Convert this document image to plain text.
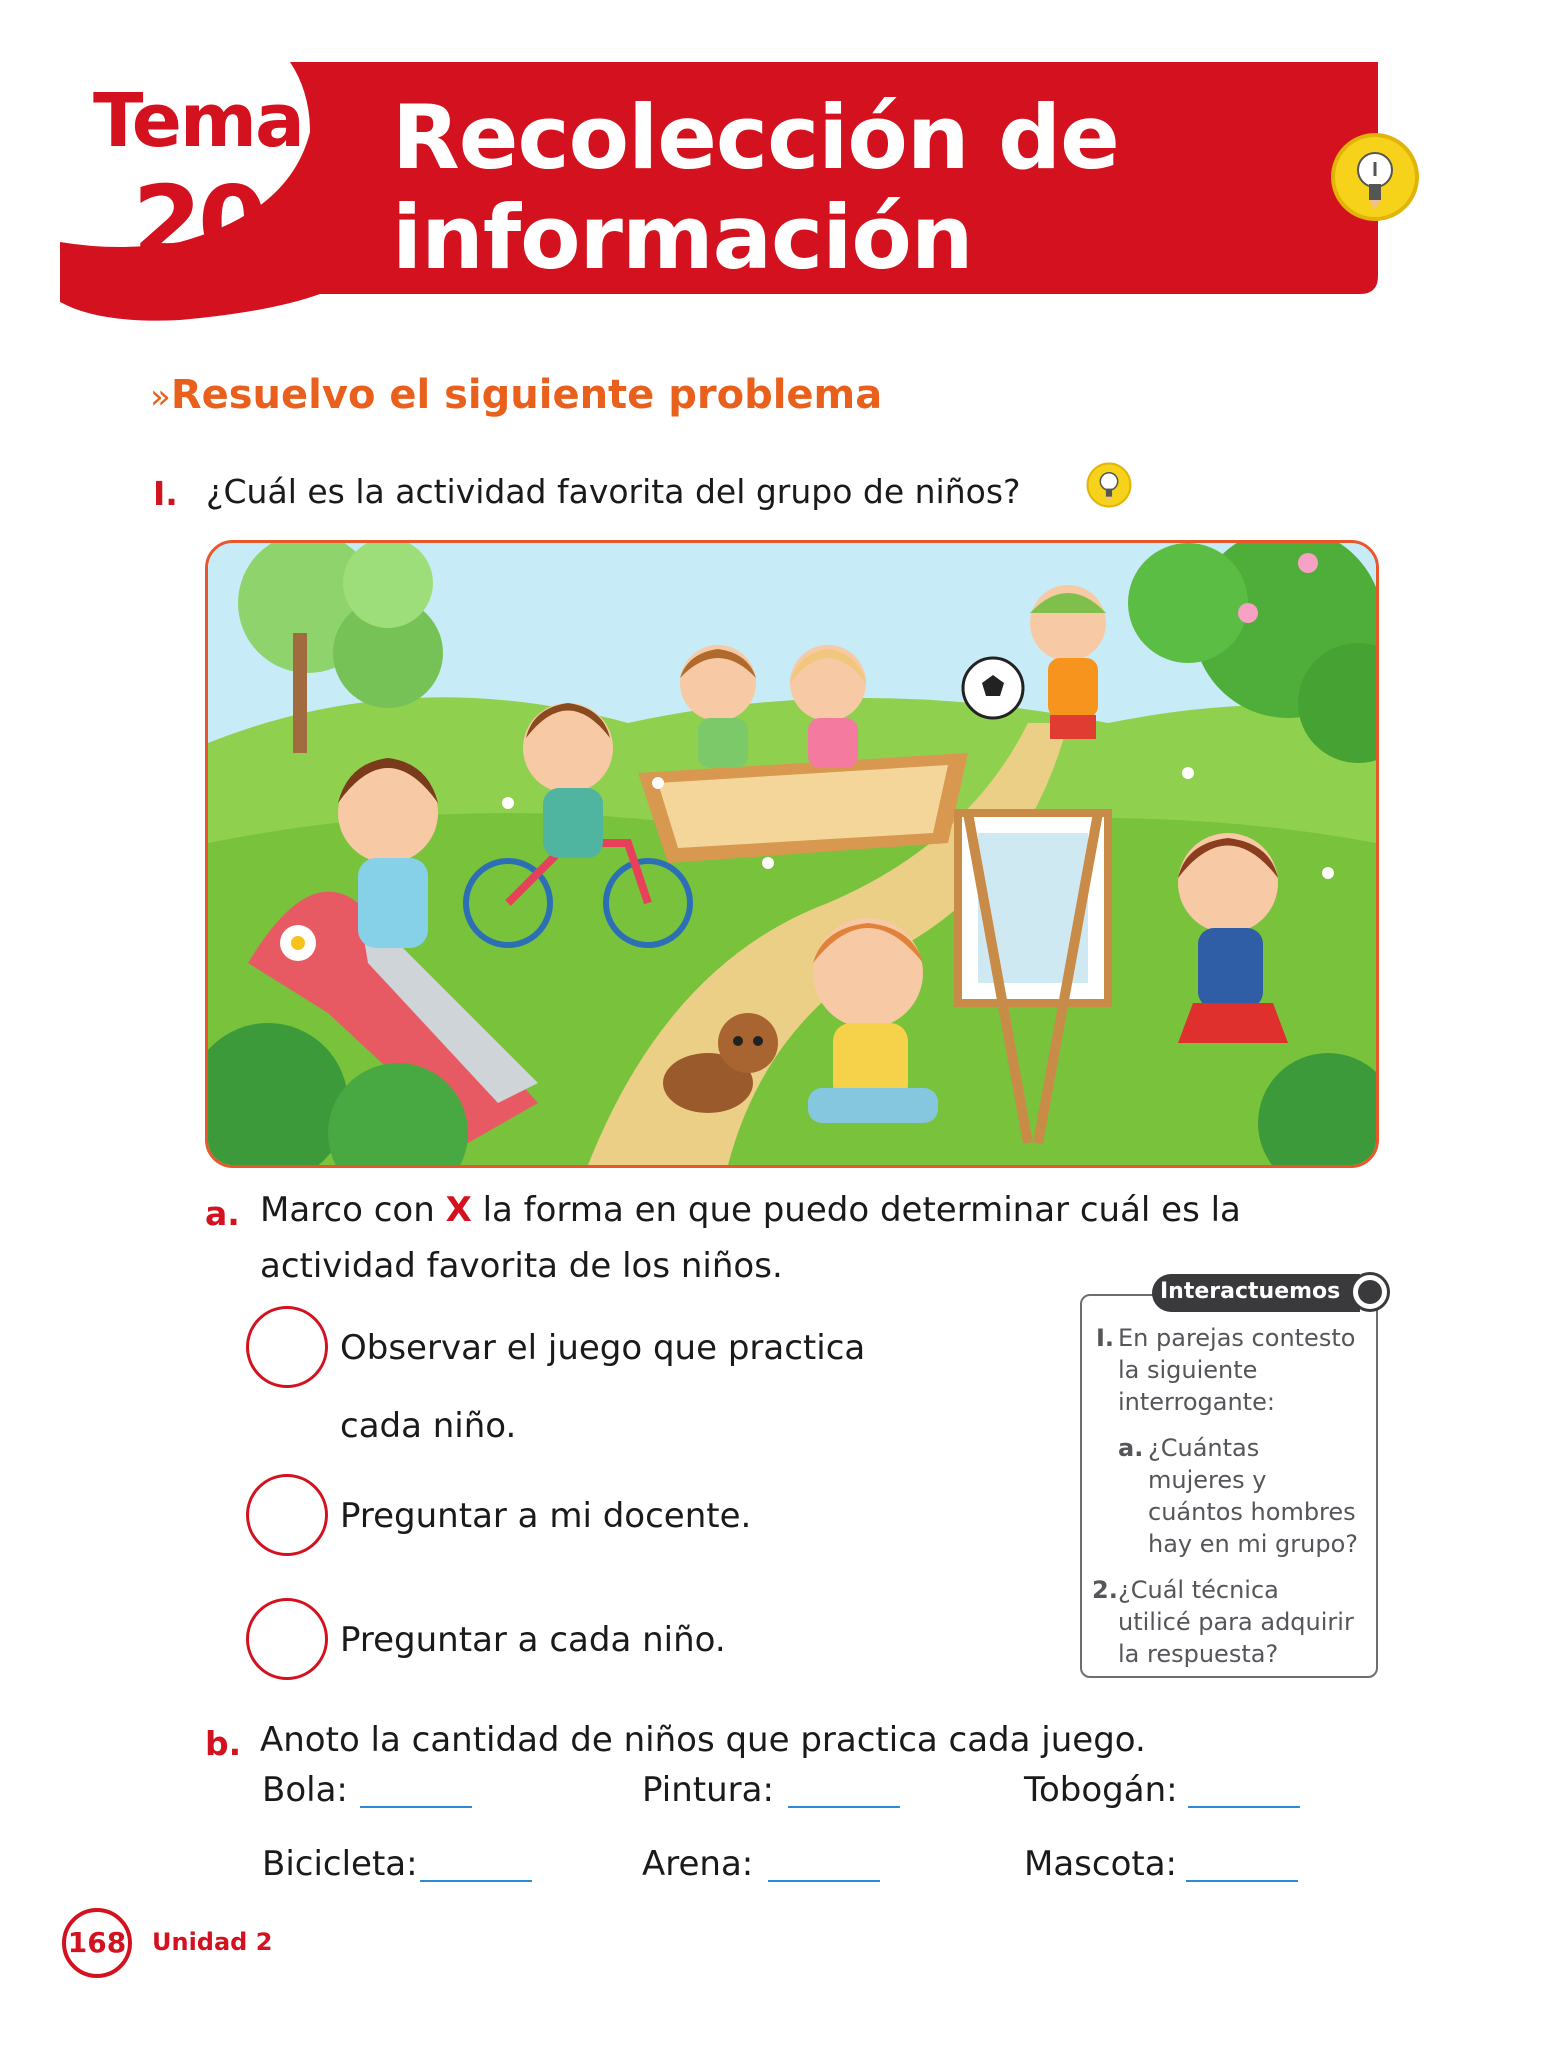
Tema
20
Recolección de
información
»Resuelvo el siguiente problema
I. ¿Cuál es la actividad favorita del grupo de niños?
a. Marco con X la forma en que puedo determinar cuál es la
actividad favorita de los niños.
Observar el juego que practica
cada niño.
Preguntar a mi docente.
Preguntar a cada niño.
Interactuemos
I. En parejas contesto
la siguiente
interrogante:
a. ¿Cuántas
mujeres y
cuántos hombres
hay en mi grupo?
2. ¿Cuál técnica
utilicé para adquirir
la respuesta?
b. Anoto la cantidad de niños que practica cada juego.
Bola:	Pintura:	Tobogán:
Bicicleta:	Arena:	Mascota:
168 Unidad 2
